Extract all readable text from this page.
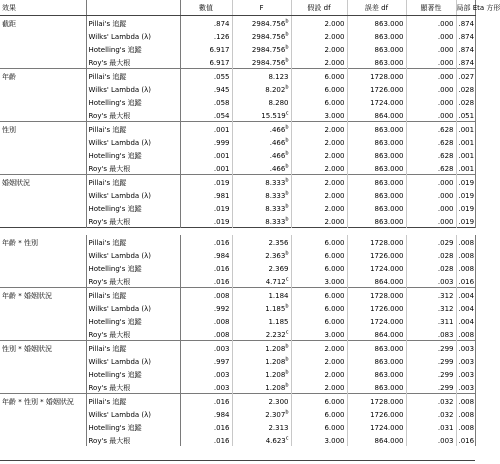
效果		數值	F	假設 df	誤差 df	顯著性	局部 Eta 方形
截距	Pillai's 追蹤	.874	2984.756$^b$	2.000	863.000	.000	.874
	Wilks' Lambda (λ)	.126	2984.756$^b$	2.000	863.000	.000	.874
	Hotelling's 追蹤	6.917	2984.756$^b$	2.000	863.000	.000	.874
	Roy's 最大根	6.917	2984.756$^b$	2.000	863.000	.000	.874
年齡	Pillai's 追蹤	.055	8.123	6.000	1728.000	.000	.027
	Wilks' Lambda (λ)	.945	8.202$^b$	6.000	1726.000	.000	.028
	Hotelling's 追蹤	.058	8.280	6.000	1724.000	.000	.028
	Roy's 最大根	.054	15.519$^c$	3.000	864.000	.000	.051
性別	Pillai's 追蹤	.001	.466$^b$	2.000	863.000	.628	.001
	Wilks' Lambda (λ)	.999	.466$^b$	2.000	863.000	.628	.001
	Hotelling's 追蹤	.001	.466$^b$	2.000	863.000	.628	.001
	Roy's 最大根	.001	.466$^b$	2.000	863.000	.628	.001
婚姻狀況	Pillai's 追蹤	.019	8.333$^b$	2.000	863.000	.000	.019
	Wilks' Lambda (λ)	.981	8.333$^b$	2.000	863.000	.000	.019
	Hotelling's 追蹤	.019	8.333$^b$	2.000	863.000	.000	.019
	Roy's 最大根	.019	8.333$^b$	2.000	863.000	.000	.019

年齡 * 性別	Pillai's 追蹤	.016	2.356	6.000	1728.000	.029	.008
	Wilks' Lambda (λ)	.984	2.363$^b$	6.000	1726.000	.028	.008
	Hotelling's 追蹤	.016	2.369	6.000	1724.000	.028	.008
	Roy's 最大根	.016	4.712$^c$	3.000	864.000	.003	.016
年齡 * 婚姻狀況	Pillai's 追蹤	.008	1.184	6.000	1728.000	.312	.004
	Wilks' Lambda (λ)	.992	1.185$^b$	6.000	1726.000	.312	.004
	Hotelling's 追蹤	.008	1.185	6.000	1724.000	.311	.004
	Roy's 最大根	.008	2.232$^c$	3.000	864.000	.083	.008
性別 * 婚姻狀況	Pillai's 追蹤	.003	1.208$^b$	2.000	863.000	.299	.003
	Wilks' Lambda (λ)	.997	1.208$^b$	2.000	863.000	.299	.003
	Hotelling's 追蹤	.003	1.208$^b$	2.000	863.000	.299	.003
	Roy's 最大根	.003	1.208$^b$	2.000	863.000	.299	.003
年齡 * 性別 * 婚姻狀況	Pillai's 追蹤	.016	2.300	6.000	1728.000	.032	.008
	Wilks' Lambda (λ)	.984	2.307$^b$	6.000	1726.000	.032	.008
	Hotelling's 追蹤	.016	2.313	6.000	1724.000	.031	.008
	Roy's 最大根	.016	4.623$^c$	3.000	864.000	.003	.016
